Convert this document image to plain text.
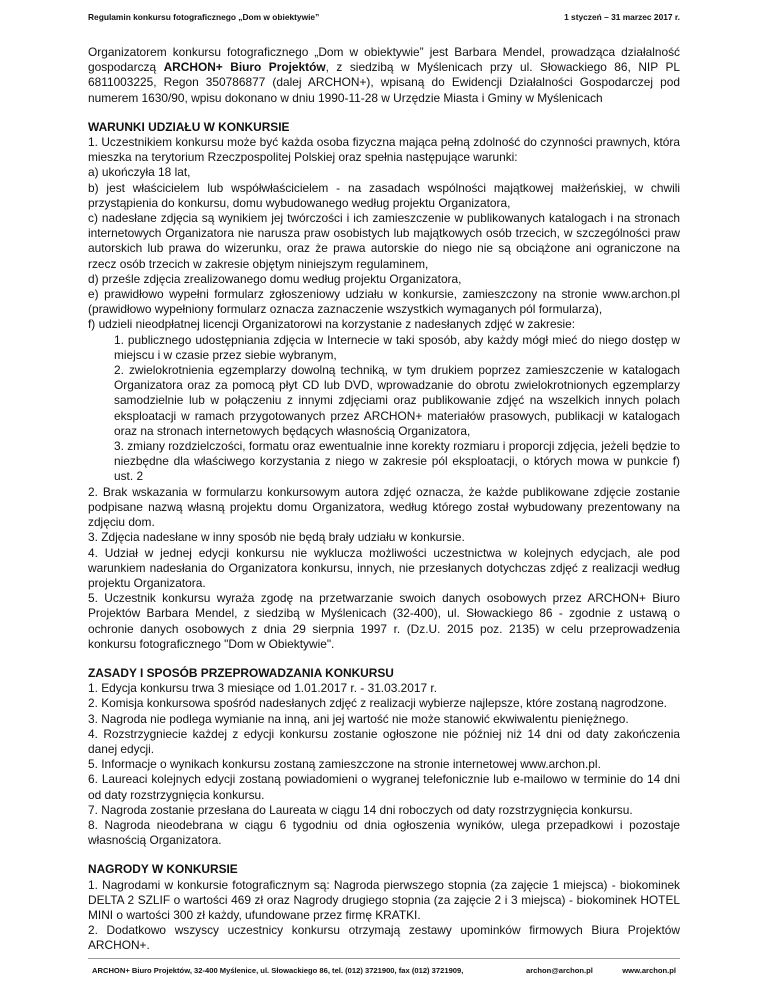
Regulamin konkursu fotograficznego „Dom w obiektywie”	1 styczeń – 31 marzec 2017 r.

Organizatorem konkursu fotograficznego „Dom w obiektywie” jest Barbara Mendel, prowadząca działalność gospodarczą ARCHON+ Biuro Projektów, z siedzibą w Myślenicach przy ul. Słowackiego 86, NIP PL 6811003225, Regon 350786877 (dalej ARCHON+), wpisaną do Ewidencji Działalności Gospodarczej pod numerem 1630/90, wpisu dokonano w dniu 1990-11-28 w Urzędzie Miasta i Gminy w Myślenicach

WARUNKI UDZIAŁU W KONKURSIE

1. Uczestnikiem konkursu może być każda osoba fizyczna mająca pełną zdolność do czynności prawnych, która mieszka na terytorium Rzeczpospolitej Polskiej oraz spełnia następujące warunki:

a) ukończyła 18 lat,

b) jest właścicielem lub współwłaścicielem - na zasadach wspólności majątkowej małżeńskiej, w chwili przystąpienia do konkursu, domu wybudowanego według projektu Organizatora,

c) nadesłane zdjęcia są wynikiem jej twórczości i ich zamieszczenie w publikowanych katalogach i na stronach internetowych Organizatora nie narusza praw osobistych lub majątkowych osób trzecich, w szczególności praw autorskich lub prawa do wizerunku, oraz że prawa autorskie do niego nie są obciążone ani ograniczone na rzecz osób trzecich w zakresie objętym niniejszym regulaminem,

d) prześle zdjęcia zrealizowanego domu według projektu Organizatora,

e) prawidłowo wypełni formularz zgłoszeniowy udziału w konkursie, zamieszczony na stronie www.archon.pl (prawidłowo wypełniony formularz oznacza zaznaczenie wszystkich wymaganych pól formularza),

f) udzieli nieodpłatnej licencji Organizatorowi na korzystanie z nadesłanych zdjęć w zakresie:

1. publicznego udostępniania zdjęcia w Internecie w taki sposób, aby każdy mógł mieć do niego dostęp w miejscu i w czasie przez siebie wybranym,

2. zwielokrotnienia egzemplarzy dowolną techniką, w tym drukiem poprzez zamieszczenie w katalogach Organizatora oraz za pomocą płyt CD lub DVD, wprowadzanie do obrotu zwielokrotnionych egzemplarzy samodzielnie lub w połączeniu z innymi zdjęciami oraz publikowanie zdjęć na wszelkich innych polach eksploatacji w ramach przygotowanych przez ARCHON+ materiałów prasowych, publikacji w katalogach oraz na stronach internetowych będących własnością Organizatora,

3. zmiany rozdzielczości, formatu oraz ewentualnie inne korekty rozmiaru i proporcji zdjęcia, jeżeli będzie to niezbędne dla właściwego korzystania z niego w zakresie pól eksploatacji, o których mowa w punkcie f) ust. 2

2. Brak wskazania w formularzu konkursowym autora zdjęć oznacza, że każde publikowane zdjęcie zostanie podpisane nazwą własną projektu domu Organizatora, według którego został wybudowany prezentowany na zdjęciu dom.

3. Zdjęcia nadesłane w inny sposób nie będą brały udziału w konkursie.

4. Udział w jednej edycji konkursu nie wyklucza możliwości uczestnictwa w kolejnych edycjach, ale pod warunkiem nadesłania do Organizatora konkursu, innych, nie przesłanych dotychczas zdjęć z realizacji według projektu Organizatora.

5. Uczestnik konkursu wyraża zgodę na przetwarzanie swoich danych osobowych przez ARCHON+ Biuro Projektów Barbara Mendel, z siedzibą w Myślenicach (32-400), ul. Słowackiego 86 - zgodnie z ustawą o ochronie danych osobowych z dnia 29 sierpnia 1997 r. (Dz.U. 2015 poz. 2135) w celu przeprowadzenia konkursu fotograficznego "Dom w Obiektywie".

ZASADY I SPOSÓB PRZEPROWADZANIA KONKURSU

1. Edycja konkursu trwa 3 miesiące od 1.01.2017 r. - 31.03.2017 r.

2. Komisja konkursowa spośród nadesłanych zdjęć z realizacji wybierze najlepsze, które zostaną nagrodzone.

3. Nagroda nie podlega wymianie na inną, ani jej wartość nie może stanowić ekwiwalentu pieniężnego.

4. Rozstrzygniecie każdej z edycji konkursu zostanie ogłoszone nie później niż 14 dni od daty zakończenia danej edycji.

5. Informacje o wynikach konkursu zostaną zamieszczone na stronie internetowej www.archon.pl.

6. Laureaci kolejnych edycji zostaną powiadomieni o wygranej telefonicznie lub e-mailowo w terminie do 14 dni od daty rozstrzygnięcia konkursu.

7. Nagroda zostanie przesłana do Laureata w ciągu 14 dni roboczych od daty rozstrzygnięcia konkursu.

8. Nagroda nieodebrana w ciągu 6 tygodniu od dnia ogłoszenia wyników, ulega przepadkowi i pozostaje własnością Organizatora.

NAGRODY W KONKURSIE

1. Nagrodami w konkursie fotograficznym są: Nagroda pierwszego stopnia (za zajęcie 1 miejsca) - biokominek DELTA 2 SZLIF o wartości 469 zł oraz Nagrody drugiego stopnia (za zajęcie 2 i 3 miejsca) - biokominek HOTEL MINI o wartości 300 zł każdy, ufundowane przez firmę KRATKI.

2. Dodatkowo wszyscy uczestnicy konkursu otrzymają zestawy upominków firmowych Biura Projektów ARCHON+.

ARCHON+ Biuro Projektów, 32-400 Myślenice, ul. Słowackiego 86, tel. (012) 3721900, fax (012) 3721909,	archon@archon.pl	www.archon.pl
